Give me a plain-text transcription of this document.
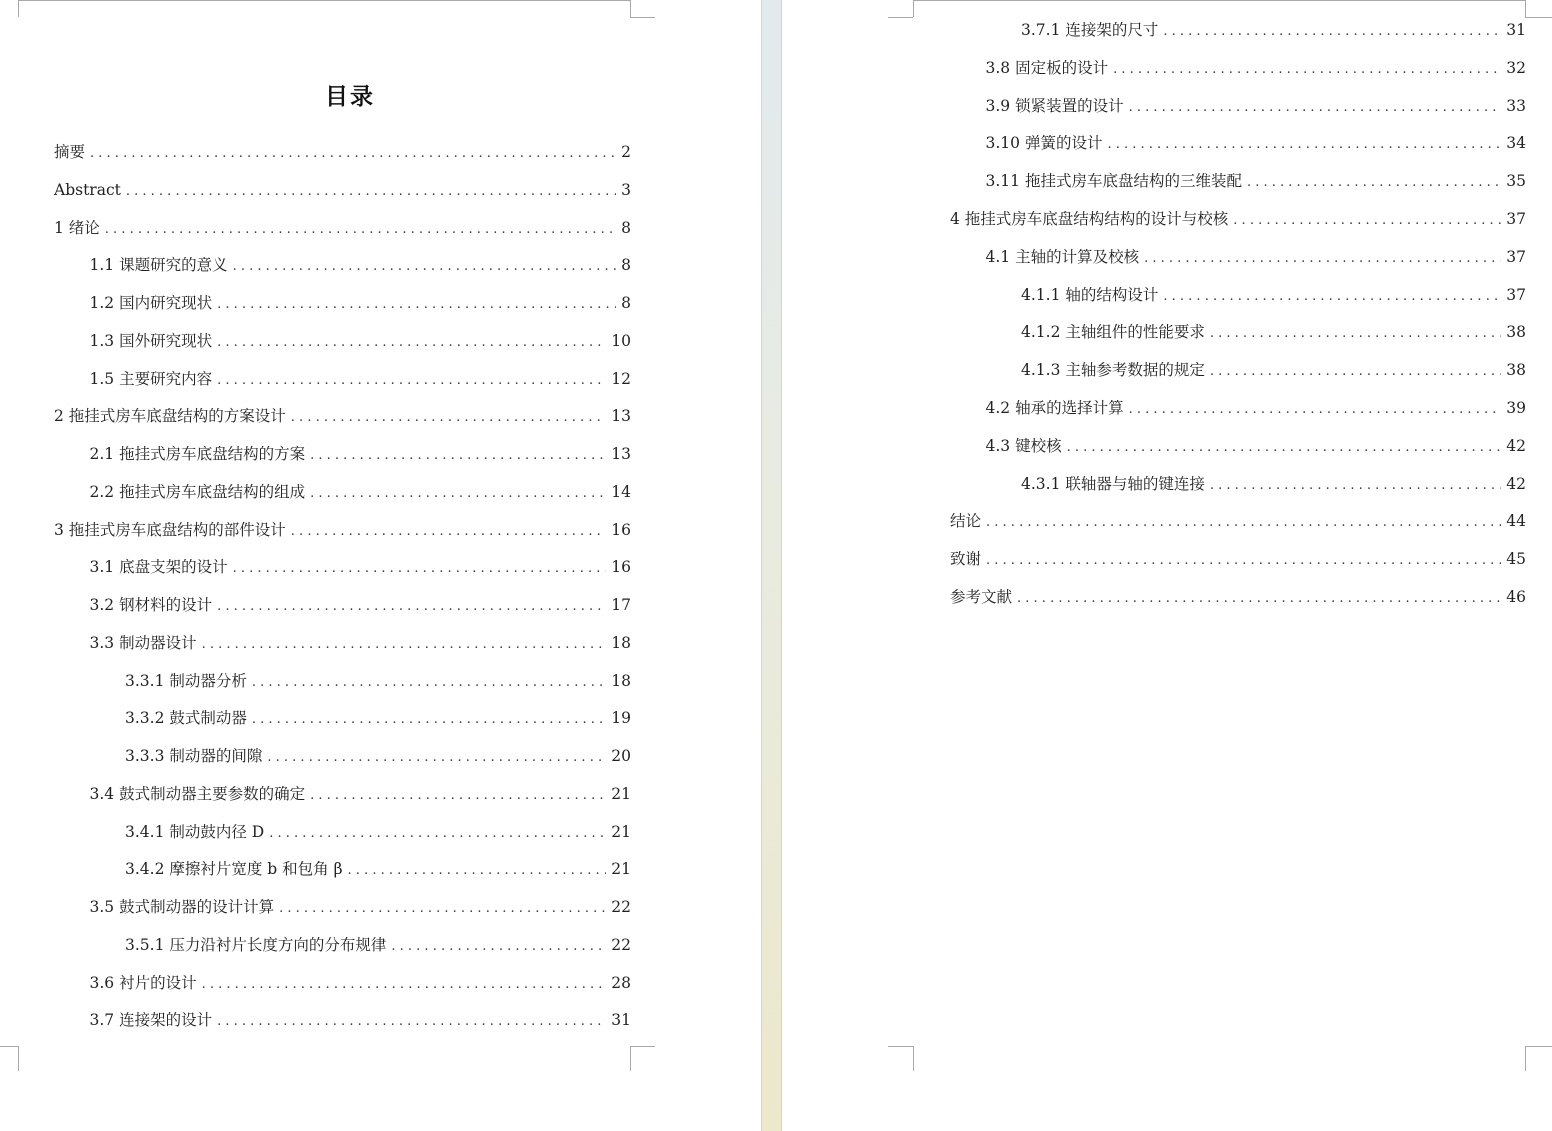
目录
摘要 . . .	2
Abstract . . .	3
1 绪论 . . .	8
1.1 课题研究的意义 . . .	8
1.2 国内研究现状 . . .	8
1.3 国外研究现状 . . .	10
1.5 主要研究内容 . . .	12
2 拖挂式房车底盘结构的方案设计 . . .	13
2.1 拖挂式房车底盘结构的方案 . . .	13
2.2 拖挂式房车底盘结构的组成 . . .	14
3 拖挂式房车底盘结构的部件设计 . . .	16
3.1 底盘支架的设计 . . .	16
3.2 钢材料的设计 . . .	17
3.3 制动器设计 . . .	18
3.3.1 制动器分析 . . .	18
3.3.2 鼓式制动器 . . .	19
3.3.3 制动器的间隙 . . .	20
3.4 鼓式制动器主要参数的确定 . . .	21
3.4.1 制动鼓内径 D . . .	21
3.4.2 摩擦衬片宽度 b 和包角 β . . .	21
3.5 鼓式制动器的设计计算 . . .	22
3.5.1 压力沿衬片长度方向的分布规律 . . .	22
3.6 衬片的设计 . . .	28
3.7 连接架的设计 . . .	31
3.7.1 连接架的尺寸 . . .	31
3.8 固定板的设计 . . .	32
3.9 锁紧装置的设计 . . .	33
3.10 弹簧的设计 . . .	34
3.11 拖挂式房车底盘结构的三维装配 . . .	35
4 拖挂式房车底盘结构结构的设计与校核 . . .	37
4.1 主轴的计算及校核 . . .	37
4.1.1 轴的结构设计 . . .	37
4.1.2 主轴组件的性能要求 . . .	38
4.1.3 主轴参考数据的规定 . . .	38
4.2 轴承的选择计算 . . .	39
4.3 键校核 . . .	42
4.3.1 联轴器与轴的键连接 . . .	42
结论 . . .	44
致谢 . . .	45
参考文献 . . .	46
